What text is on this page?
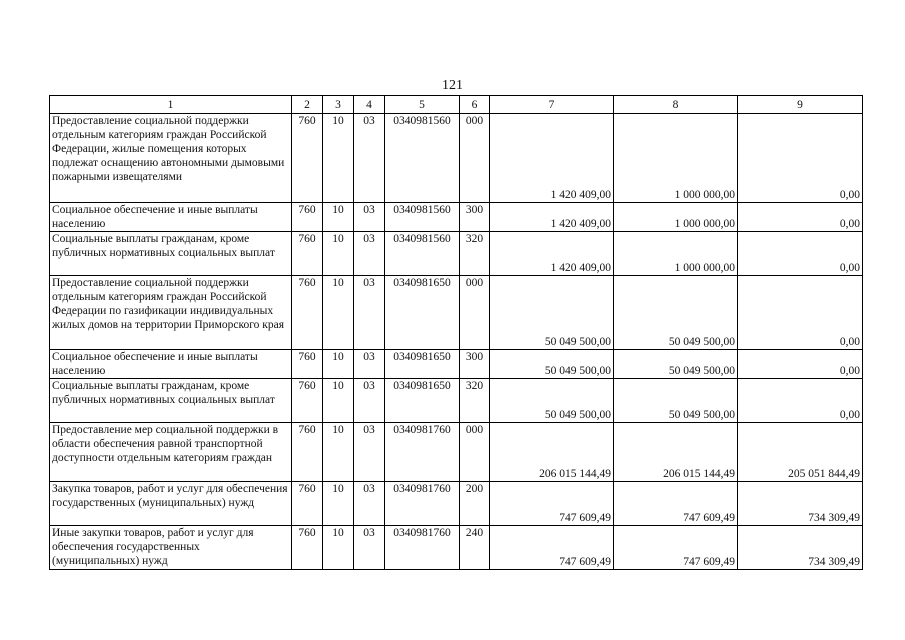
121
1	2	3	4	5	6	7	8	9
Предоставление социальной поддержки отдельным категориям граждан Российской Федерации, жилые помещения которых подлежат оснащению автономными дымовыми пожарными извещателями	760	10	03	0340981560	000	1 420 409,00	1 000 000,00	0,00
Социальное обеспечение и иные выплаты населению	760	10	03	0340981560	300	1 420 409,00	1 000 000,00	0,00
Социальные выплаты гражданам, кроме публичных нормативных социальных выплат	760	10	03	0340981560	320	1 420 409,00	1 000 000,00	0,00
Предоставление социальной поддержки отдельным категориям граждан Российской Федерации по газификации индивидуальных жилых домов на территории Приморского края	760	10	03	0340981650	000	50 049 500,00	50 049 500,00	0,00
Социальное обеспечение и иные выплаты населению	760	10	03	0340981650	300	50 049 500,00	50 049 500,00	0,00
Социальные выплаты гражданам, кроме публичных нормативных социальных выплат	760	10	03	0340981650	320	50 049 500,00	50 049 500,00	0,00
Предоставление мер социальной поддержки в области обеспечения равной транспортной доступности отдельным категориям граждан	760	10	03	0340981760	000	206 015 144,49	206 015 144,49	205 051 844,49
Закупка товаров, работ и услуг для обеспечения государственных (муниципальных) нужд	760	10	03	0340981760	200	747 609,49	747 609,49	734 309,49
Иные закупки товаров, работ и услуг для обеспечения государственных (муниципальных) нужд	760	10	03	0340981760	240	747 609,49	747 609,49	734 309,49
